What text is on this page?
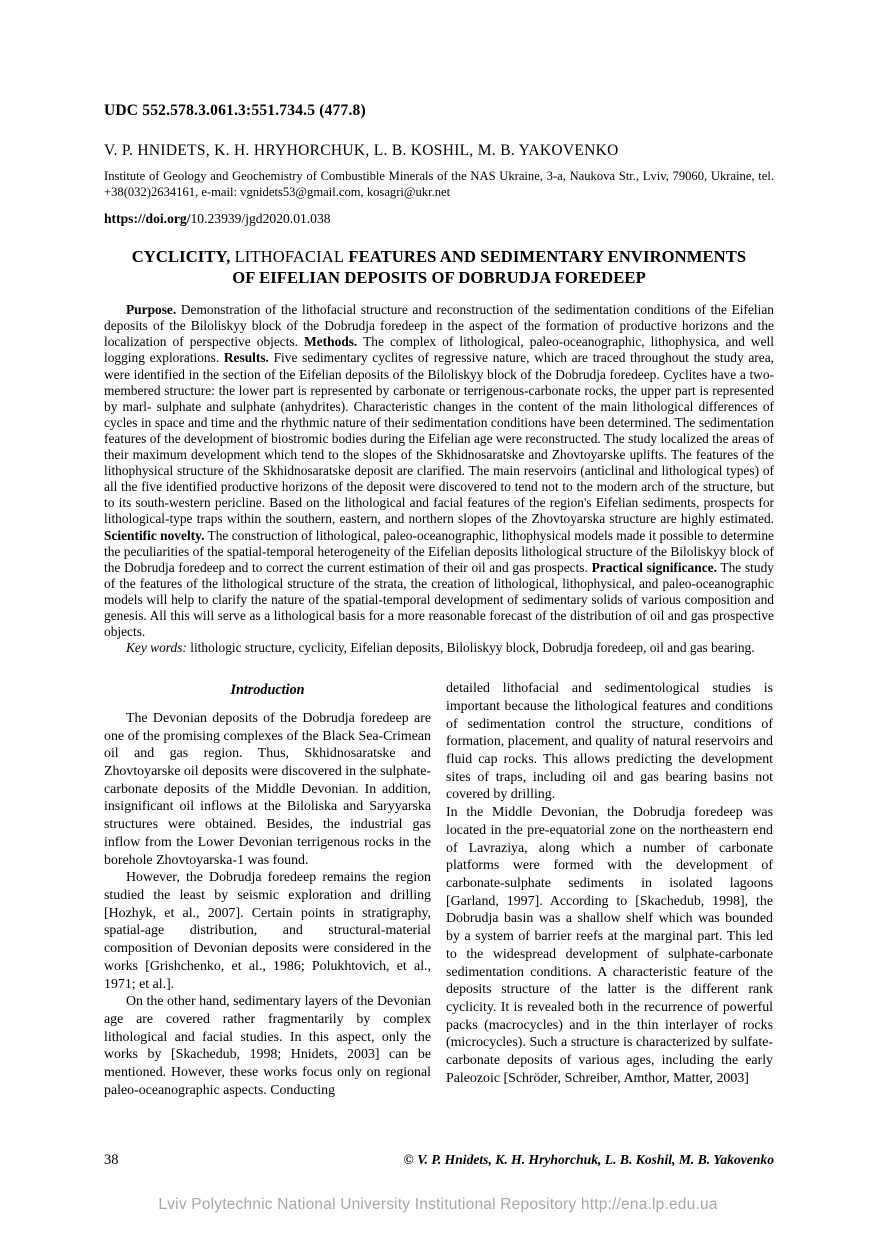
UDC 552.578.3.061.3:551.734.5 (477.8)
V. P. HNIDETS, K. H. HRYHORCHUK, L. B. KOSHIL, M. B. YAKOVENKO
Institute of Geology and Geochemistry of Combustible Minerals of the NAS Ukraine, 3-a, Naukova Str., Lviv, 79060, Ukraine, tel. +38(032)2634161, e-mail: vgnidets53@gmail.com, kosagri@ukr.net
https://doi.org/10.23939/jgd2020.01.038
CYCLICITY, LITHOFACIAL FEATURES AND SEDIMENTARY ENVIRONMENTS
OF EIFELIAN DEPOSITS OF DOBRUDJA FOREDEEP

Purpose. Demonstration of the lithofacial structure and reconstruction of the sedimentation conditions of the Eifelian deposits of the Biloliskyy block of the Dobrudja foredeep in the aspect of the formation of productive horizons and the localization of perspective objects. Methods. The complex of lithological, paleo-oceanographic, lithophysica, and well logging explorations. Results. Five sedimentary cyclites of regressive nature, which are traced throughout the study area, were identified in the section of the Eifelian deposits of the Biloliskyy block of the Dobrudja foredeep. Cyclites have a two-membered structure: the lower part is represented by carbonate or terrigenous-carbonate rocks, the upper part is represented by marl- sulphate and sulphate (anhydrites). Characteristic changes in the content of the main lithological differences of cycles in space and time and the rhythmic nature of their sedimentation conditions have been determined. The sedimentation features of the development of biostromic bodies during the Eifelian age were reconstructed. The study localized the areas of their maximum development which tend to the slopes of the Skhidnosaratske and Zhovtoyarske uplifts. The features of the lithophysical structure of the Skhidnosaratske deposit are clarified. The main reservoirs (anticlinal and lithological types) of all the five identified productive horizons of the deposit were discovered to tend not to the modern arch of the structure, but to its south-western pericline. Based on the lithological and facial features of the region's Eifelian sediments, prospects for lithological-type traps within the southern, eastern, and northern slopes of the Zhovtoyarska structure are highly estimated. Scientific novelty. The construction of lithological, paleo-oceanographic, lithophysical models made it possible to determine the peculiarities of the spatial-temporal heterogeneity of the Eifelian deposits lithological structure of the Biloliskyy block of the Dobrudja foredeep and to correct the current estimation of their oil and gas prospects. Practical significance. The study of the features of the lithological structure of the strata, the creation of lithological, lithophysical, and paleo-oceanographic models will help to clarify the nature of the spatial-temporal development of sedimentary solids of various composition and genesis. All this will serve as a lithological basis for a more reasonable forecast of the distribution of oil and gas prospective objects.

Key words: lithologic structure, cyclicity, Eifelian deposits, Biloliskyy block, Dobrudja foredeep, oil and gas bearing.

Introduction

The Devonian deposits of the Dobrudja foredeep are one of the promising complexes of the Black Sea-Crimean oil and gas region. Thus, Skhidnosaratske and Zhovtoyarske oil deposits were discovered in the sulphate-carbonate deposits of the Middle Devonian. In addition, insignificant oil inflows at the Biloliska and Saryyarska structures were obtained. Besides, the industrial gas inflow from the Lower Devonian terrigenous rocks in the borehole Zhovtoyarska-1 was found.

However, the Dobrudja foredeep remains the region studied the least by seismic exploration and drilling [Hozhyk, et al., 2007]. Certain points in stratigraphy, spatial-age distribution, and structural-material composition of Devonian deposits were considered in the works [Grishchenko, et al., 1986; Polukhtovich, et al., 1971; et al.].

On the other hand, sedimentary layers of the Devonian age are covered rather fragmentarily by complex lithological and facial studies. In this aspect, only the works by [Skachedub, 1998; Hnidets, 2003] can be mentioned. However, these works focus only on regional paleo-oceanographic aspects. Conducting

detailed lithofacial and sedimentological studies is important because the lithological features and conditions of sedimentation control the structure, conditions of formation, placement, and quality of natural reservoirs and fluid cap rocks. This allows predicting the development sites of traps, including oil and gas bearing basins not covered by drilling.

In the Middle Devonian, the Dobrudja foredeep was located in the pre-equatorial zone on the northeastern end of Lavraziya, along which a number of carbonate platforms were formed with the development of carbonate-sulphate sediments in isolated lagoons [Garland, 1997]. According to [Skachedub, 1998], the Dobrudja basin was a shallow shelf which was bounded by a system of barrier reefs at the marginal part. This led to the widespread development of sulphate-carbonate sedimentation conditions. A characteristic feature of the deposits structure of the latter is the different rank cyclicity. It is revealed both in the recurrence of powerful packs (macrocycles) and in the thin interlayer of rocks (microcycles). Such a structure is characterized by sulfate-carbonate deposits of various ages, including the early Paleozoic [Schröder, Schreiber, Amthor, Matter, 2003]

38	© V. P. Hnidets, K. H. Hryhorchuk, L. B. Koshil, M. B. Yakovenko
Lviv Polytechnic National University Institutional Repository http://ena.lp.edu.ua
